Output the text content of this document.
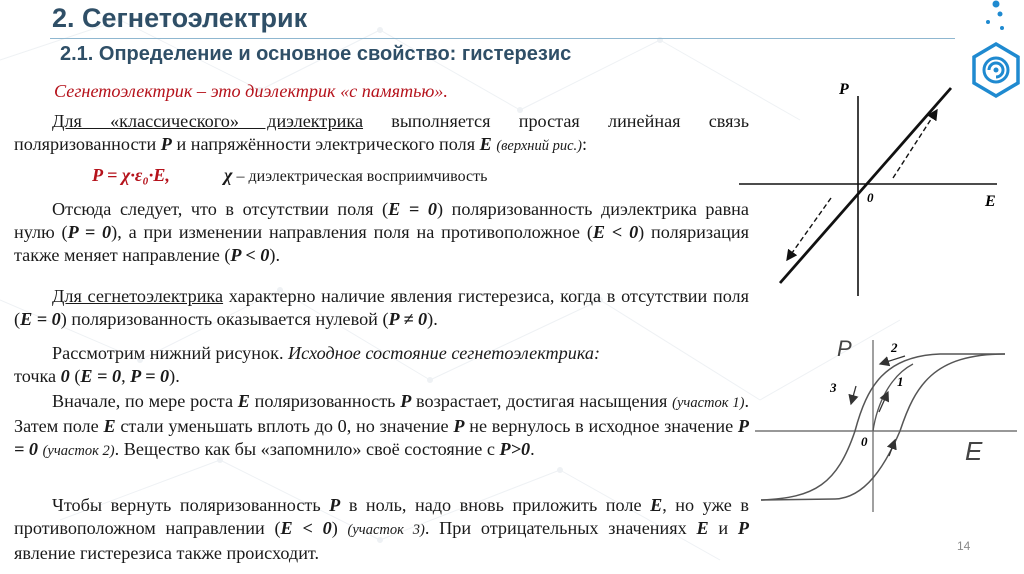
2. Сегнетоэлектрик
2.1. Определение и основное свойство: гистерезис
Сегнетоэлектрик – это диэлектрик «с памятью».
Для «классического» диэлектрика выполняется простая линейная связь поляризованности P и напряжённости электрического поля E (верхний рис.):
P = χ·ε₀·E,	χ – диэлектрическая восприимчивость
Отсюда следует, что в отсутствии поля (E = 0) поляризованность диэлектрика равна нулю (P = 0), а при изменении направления поля на противоположное (E < 0) поляризация также меняет направление (P < 0).
Для сегнетоэлектрика характерно наличие явления гистерезиса, когда в отсутствии поля (E = 0) поляризованность оказывается нулевой (P ≠ 0).
Рассмотрим нижний рисунок. Исходное состояние сегнетоэлектрика:
точка 0 (E = 0, P = 0).
Вначале, по мере роста E поляризованность P возрастает, достигая насыщения (участок 1). Затем поле E стали уменьшать вплоть до 0, но значение P не вернулось в исходное значение P = 0 (участок 2). Вещество как бы «запомнило» своё состояние с P>0.
Чтобы вернуть поляризованность P в ноль, надо вновь приложить поле E, но уже в противоположном направлении (E < 0) (участок 3). При отрицательных значениях E и P явление гистерезиса также происходит.
P
E
0
P
E
0
1
2
3
14
